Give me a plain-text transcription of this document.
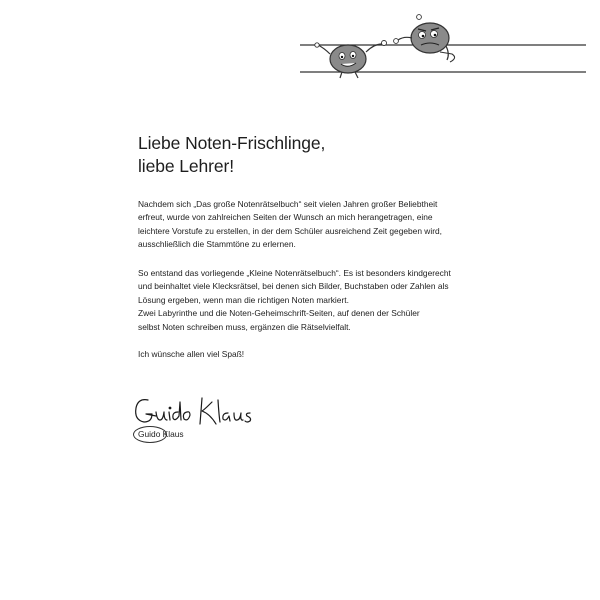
Liebe Noten-Frischlinge,
liebe Lehrer!

Nachdem sich „Das große Notenrätselbuch“ seit vielen Jahren großer Beliebtheit
erfreut, wurde von zahlreichen Seiten der Wunsch an mich herangetragen, eine
leichtere Vorstufe zu erstellen, in der dem Schüler ausreichend Zeit gegeben wird,
ausschließlich die Stammtöne zu erlernen.

So entstand das vorliegende „Kleine Notenrätselbuch“. Es ist besonders kindgerecht
und beinhaltet viele Klecksrätsel, bei denen sich Bilder, Buchstaben oder Zahlen als
Lösung ergeben, wenn man die richtigen Noten markiert.
Zwei Labyrinthe und die Noten-Geheimschrift-Seiten, auf denen der Schüler
selbst Noten schreiben muss, ergänzen die Rätselvielfalt.

Ich wünsche allen viel Spaß!

Guido Klaus
